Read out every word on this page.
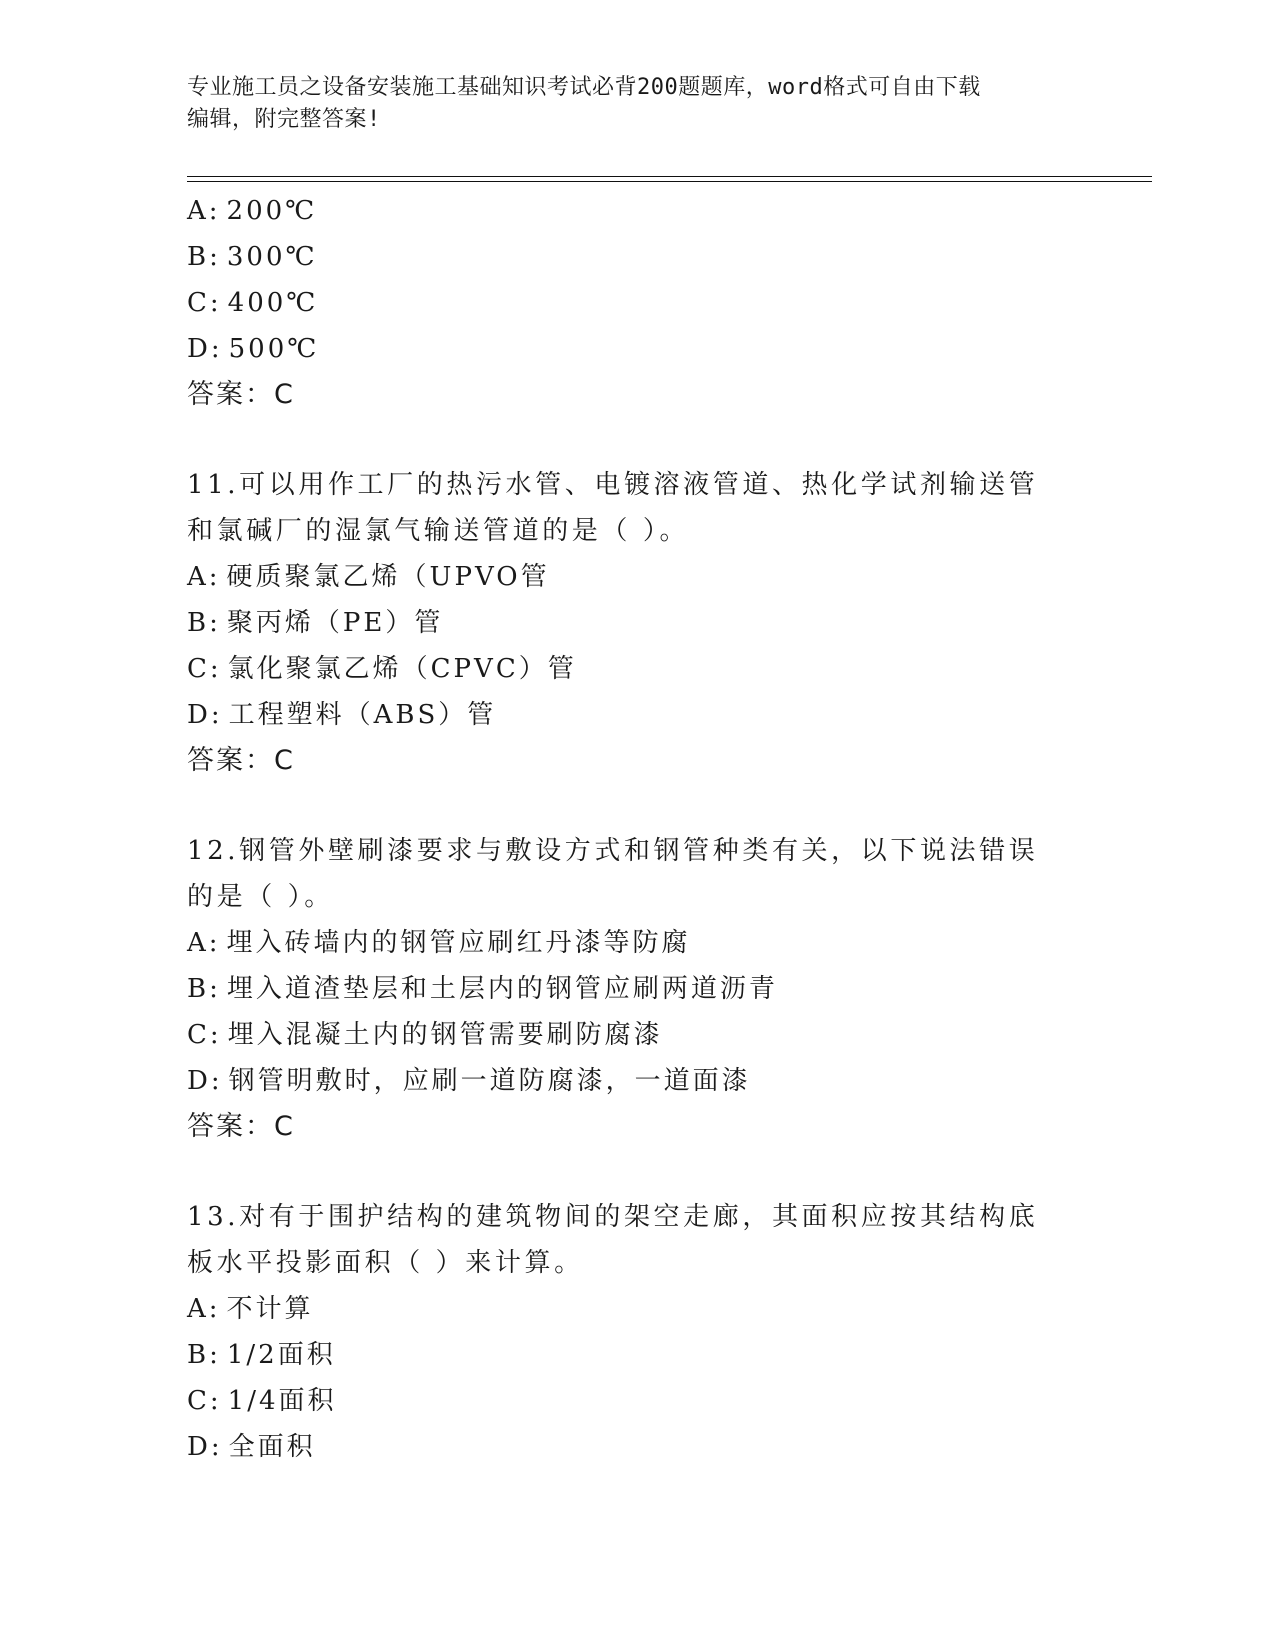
专业施工员之设备安装施工基础知识考试必背200题题库，word格式可自由下载
编辑，附完整答案!
A: 200℃
B: 300℃
C: 400℃
D: 500℃
答案：C
11.可以用作工厂的热污水管、电镀溶液管道、热化学试剂输送管和氯碱厂的湿氯气输送管道的是（ ）。
A: 硬质聚氯乙烯（UPVO管
B: 聚丙烯（PE）管
C: 氯化聚氯乙烯（CPVC）管
D: 工程塑料（ABS）管
答案：C
12.钢管外壁刷漆要求与敷设方式和钢管种类有关，以下说法错误的是（ ）。
A: 埋入砖墙内的钢管应刷红丹漆等防腐
B: 埋入道渣垫层和土层内的钢管应刷两道沥青
C: 埋入混凝土内的钢管需要刷防腐漆
D: 钢管明敷时，应刷一道防腐漆，一道面漆
答案：C
13.对有于围护结构的建筑物间的架空走廊，其面积应按其结构底板水平投影面积（ ）来计算。
A: 不计算
B: 1/2面积
C: 1/4面积
D: 全面积
